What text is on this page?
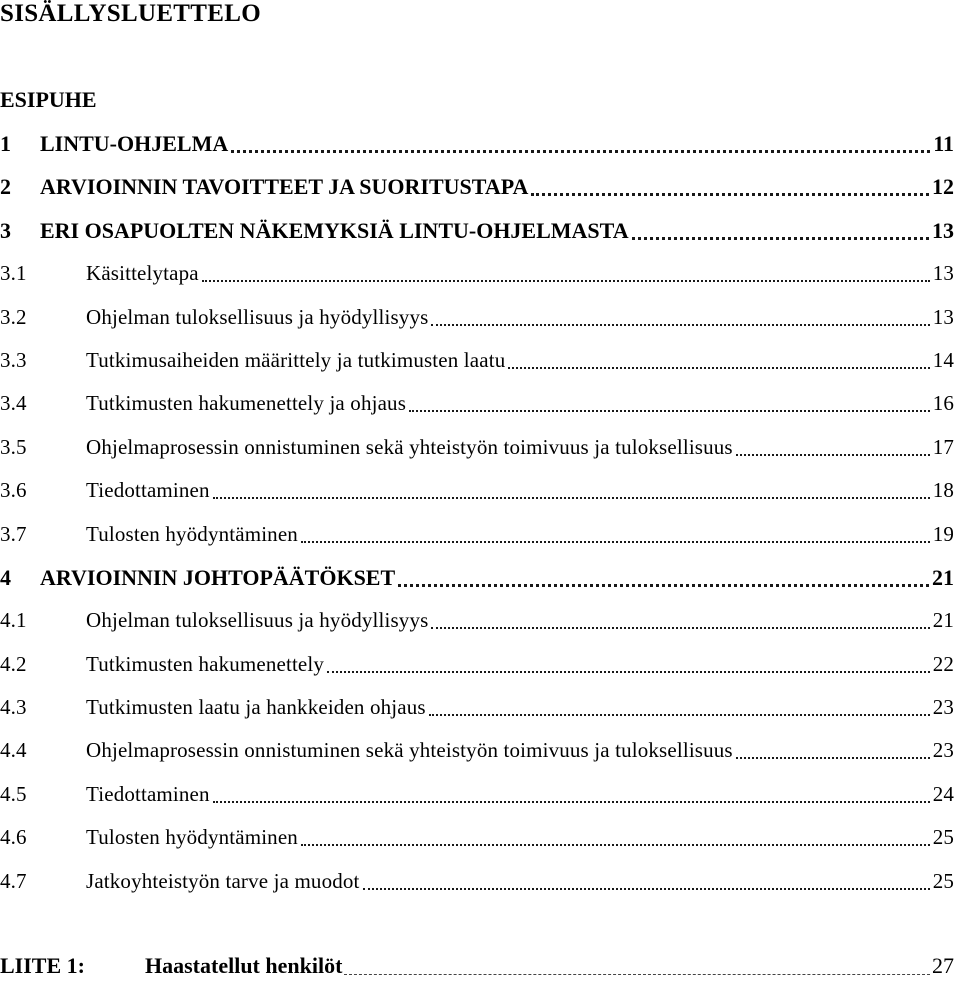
SISÄLLYSLUETTELO
ESIPUHE
1	LINTU-OHJELMA	11
2	ARVIOINNIN TAVOITTEET JA SUORITUSTAPA	12
3	ERI OSAPUOLTEN NÄKEMYKSIÄ LINTU-OHJELMASTA	13
3.1	Käsittelytapa	13
3.2	Ohjelman tuloksellisuus ja hyödyllisyys	13
3.3	Tutkimusaiheiden määrittely ja tutkimusten laatu	14
3.4	Tutkimusten hakumenettely ja ohjaus	16
3.5	Ohjelmaprosessin onnistuminen sekä yhteistyön toimivuus ja tuloksellisuus	17
3.6	Tiedottaminen	18
3.7	Tulosten hyödyntäminen	19
4	ARVIOINNIN JOHTOPÄÄTÖKSET	21
4.1	Ohjelman tuloksellisuus ja hyödyllisyys	21
4.2	Tutkimusten hakumenettely	22
4.3	Tutkimusten laatu ja hankkeiden ohjaus	23
4.4	Ohjelmaprosessin onnistuminen sekä yhteistyön toimivuus ja tuloksellisuus	23
4.5	Tiedottaminen	24
4.6	Tulosten hyödyntäminen	25
4.7	Jatkoyhteistyön tarve ja muodot	25
LIITE 1:	Haastatellut henkilöt	27
